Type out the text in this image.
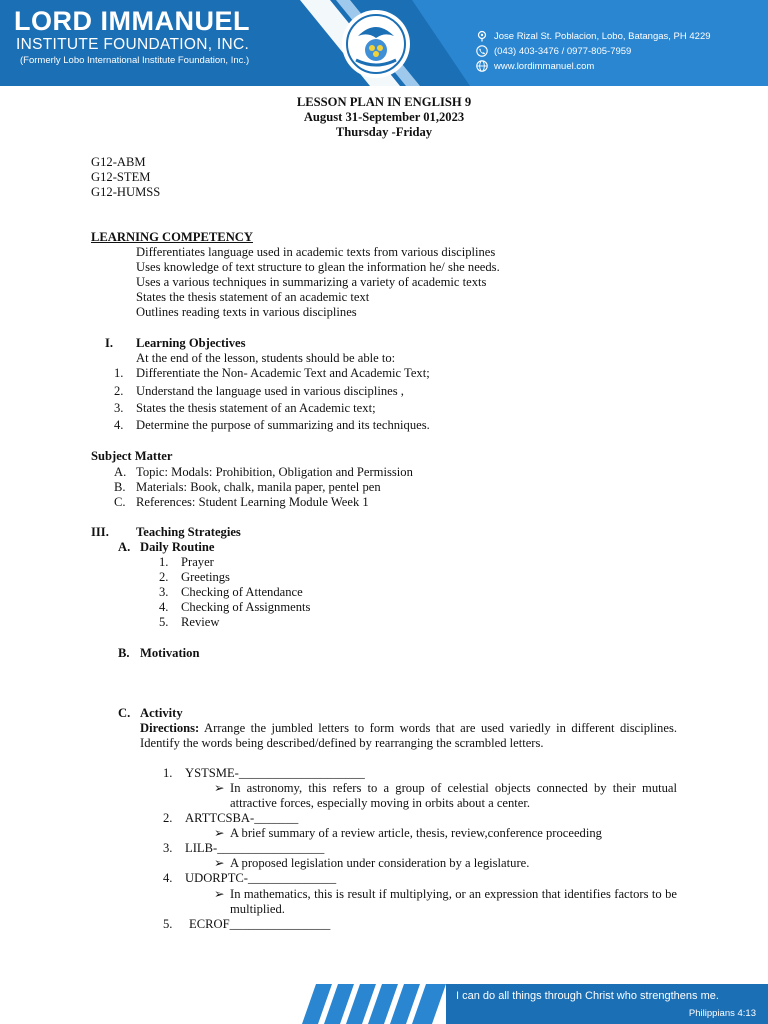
LORD IMMANUEL
INSTITUTE FOUNDATION, INC.
(Formerly Lobo International Institute Foundation, Inc.)
Jose Rizal St. Poblacion, Lobo, Batangas, PH 4229
(043) 403-3476 / 0977-805-7959
www.lordimmanuel.com
LESSON PLAN IN ENGLISH 9
August 31-September 01,2023
Thursday -Friday
G12-ABM
G12-STEM
G12-HUMSS
LEARNING COMPETENCY
Differentiates language used in academic texts from various disciplines
Uses knowledge of text structure to glean the information he/ she needs.
Uses a various techniques in summarizing a variety of academic texts
States the thesis statement of an academic text
Outlines reading texts in various disciplines
I. Learning Objectives
At the end of the lesson, students should be able to:
1. Differentiate the Non- Academic Text and Academic Text;
2. Understand the language used in various disciplines ,
3. States the thesis statement of an Academic text;
4. Determine the purpose of summarizing and its techniques.
Subject Matter
A. Topic: Modals: Prohibition, Obligation and Permission
B. Materials: Book, chalk, manila paper, pentel pen
C. References: Student Learning Module Week 1
III. Teaching Strategies
A. Daily Routine
1. Prayer
2. Greetings
3. Checking of Attendance
4. Checking of Assignments
5. Review
B. Motivation
C. Activity
Directions: Arrange the jumbled letters to form words that are used variedly in different disciplines. Identify the words being described/defined by rearranging the scrambled letters.
1. YSTSME-____________________
➢ In astronomy, this refers to a group of celestial objects connected by their mutual attractive forces, especially moving in orbits about a center.
2. ARTTCSBA-_______
➢ A brief summary of a review article, thesis, review,conference proceeding
3. LILB-_________________
➢ A proposed legislation under consideration by a legislature.
4. UDORPTC-______________
➢ In mathematics, this is result if multiplying, or an expression that identifies factors to be multiplied.
5. ECROF________________
I can do all things through Christ who strengthens me.
Philippians 4:13
